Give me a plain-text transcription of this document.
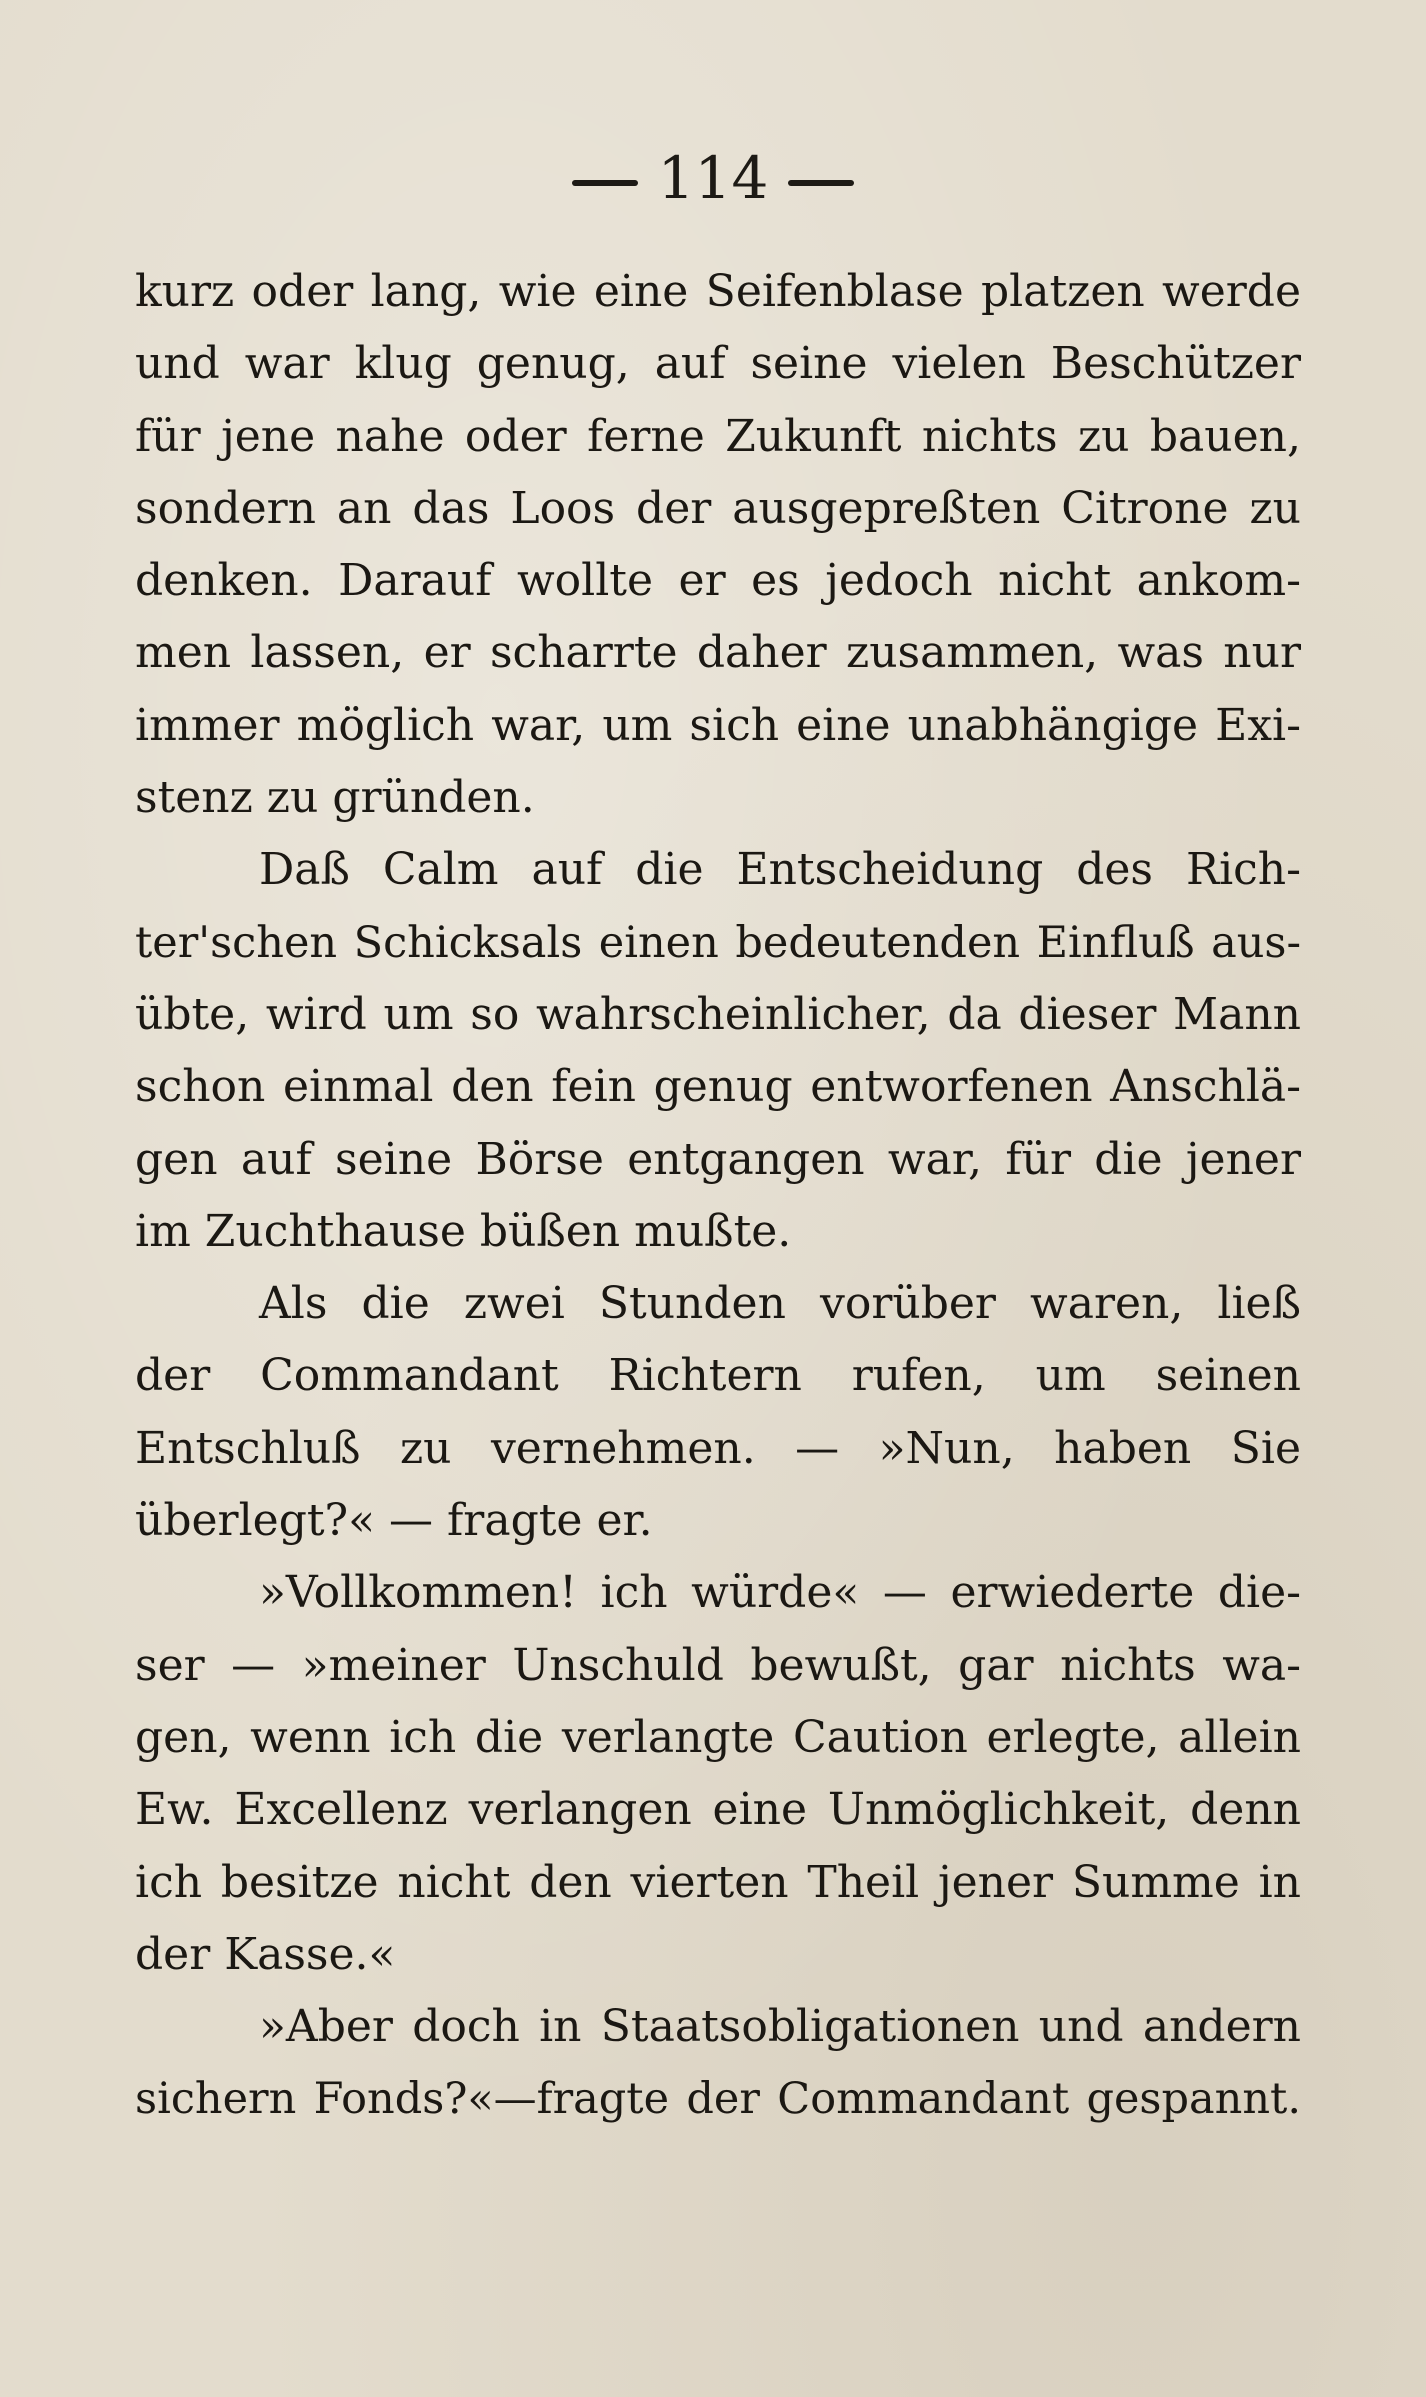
114
kurz oder lang, wie eine Seifenblase platzen werde
und war klug genug, auf seine vielen Beschützer
für jene nahe oder ferne Zukunft nichts zu bauen,
sondern an das Loos der ausgepreßten Citrone zu
denken. Darauf wollte er es jedoch nicht ankom-
men lassen, er scharrte daher zusammen, was nur
immer möglich war, um sich eine unabhängige Exi-
stenz zu gründen.
Daß Calm auf die Entscheidung des Rich-
ter'schen Schicksals einen bedeutenden Einfluß aus-
übte, wird um so wahrscheinlicher, da dieser Mann
schon einmal den fein genug entworfenen Anschlä-
gen auf seine Börse entgangen war, für die jener
im Zuchthause büßen mußte.
Als die zwei Stunden vorüber waren, ließ
der Commandant Richtern rufen, um seinen
Entschluß zu vernehmen. — »Nun, haben Sie
überlegt?« — fragte er.
»Vollkommen! ich würde« — erwiederte die-
ser — »meiner Unschuld bewußt, gar nichts wa-
gen, wenn ich die verlangte Caution erlegte, allein
Ew. Excellenz verlangen eine Unmöglichkeit, denn
ich besitze nicht den vierten Theil jener Summe in
der Kasse.«
»Aber doch in Staatsobligationen und andern
sichern Fonds?«—fragte der Commandant gespannt.
